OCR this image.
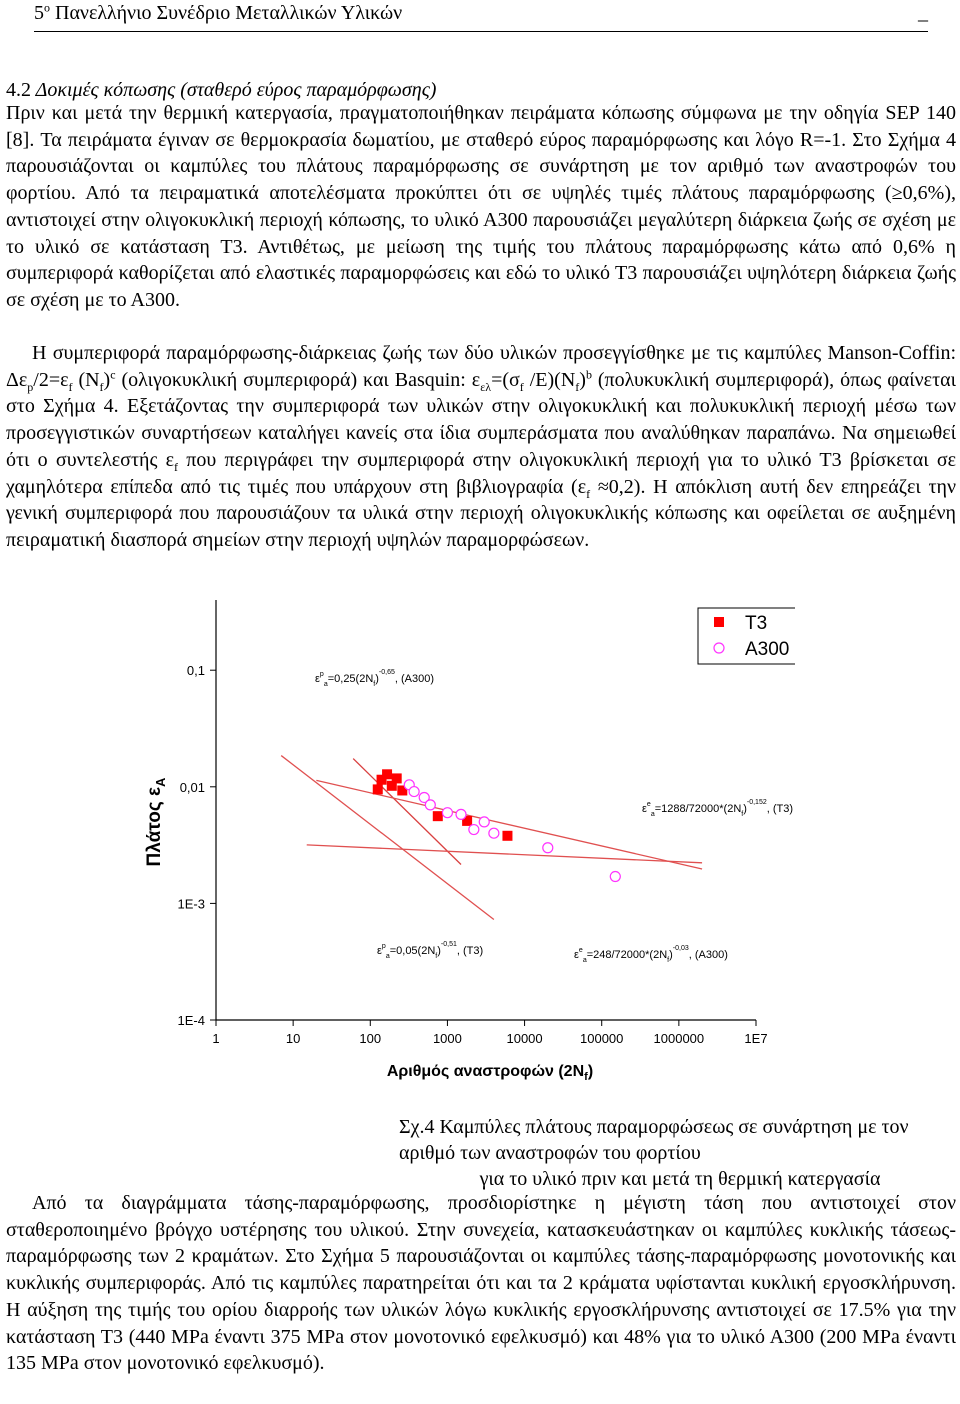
$5^o$ Πανελλήνιο Συνέδριο Μεταλλικών Υλικών	_
4.2 Δοκιμές κόπωσης (σταθερό εύρος παραμόρφωσης)

Πριν και μετά την θερμική κατεργασία, πραγματοποιήθηκαν πειράματα κόπωσης σύμφωνα με την οδηγία SEP 140 [8]. Τα πειράματα έγιναν σε θερμοκρασία δωματίου, με σταθερό εύρος παραμόρφωσης και λόγο R=-1. Στο Σχήμα 4 παρουσιάζονται οι καμπύλες του πλάτους παραμόρφωσης σε συνάρτηση με τον αριθμό των αναστροφών του φορτίου. Από τα πειραματικά αποτελέσματα προκύπτει ότι σε υψηλές τιμές πλάτους παραμόρφωσης (≥0,6%), αντιστοιχεί στην ολιγοκυκλική περιοχή κόπωσης, το υλικό Α300 παρουσιάζει μεγαλύτερη διάρκεια ζωής σε σχέση με το υλικό σε κατάσταση Τ3. Αντιθέτως, με μείωση της τιμής του πλάτους παραμόρφωσης κάτω από 0,6% η συμπεριφορά καθορίζεται από ελαστικές παραμορφώσεις και εδώ το υλικό Τ3 παρουσιάζει υψηλότερη διάρκεια ζωής σε σχέση με το Α300.

Η συμπεριφορά παραμόρφωσης-διάρκειας ζωής των δύο υλικών προσεγγίσθηκε με τις καμπύλες Manson-Coffin: $\Delta\varepsilon_p/2=\varepsilon_f$ $(N_f)^c$ (ολιγοκυκλική συμπεριφορά) και Basquin: $\varepsilon_{\varepsilon\lambda}=(\sigma_f$ $/E)(N_f)^b$ (πολυκυκλική συμπεριφορά), όπως φαίνεται στο Σχήμα 4. Εξετάζοντας την συμπεριφορά των υλικών στην ολιγοκυκλική και πολυκυκλική περιοχή μέσω των προσεγγιστικών συναρτήσεων καταλήγει κανείς στα ίδια συμπεράσματα που αναλύθηκαν παραπάνω. Να σημειωθεί ότι ο συντελεστής $\varepsilon_f$ που περιγράφει την συμπεριφορά στην ολιγοκυκλική περιοχή για το υλικό Τ3 βρίσκεται σε χαμηλότερα επίπεδα από τις τιμές που υπάρχουν στη βιβλιογραφία $(\varepsilon_f \approx 0,2)$. Η απόκλιση αυτή δεν επηρεάζει την γενική συμπεριφορά που παρουσιάζουν τα υλικά στην περιοχή ολιγοκυκλικής κόπωσης και οφείλεται σε αυξημένη πειραματική διασπορά σημείων στην περιοχή υψηλών παραμορφώσεων.

1	10	100	1000	10000	100000 1000000	1E7
0,1
0,01
1E-3
1E-4
$\varepsilon^p_a=0,25(2N_f)^{-0,65}$, (A300)
$\varepsilon^e_a=1288/72000*(2N_f)^{-0,152}$, (T3)
$\varepsilon^p_a=0,05(2N_f)^{-0,51}$, (T3)	$\varepsilon^e_a=248/72000*(2N_f)^{-0,03}$, (A300)
T3
A300
Αριθμός αναστροφών $(2N_f)$
Πλάτος $\varepsilon_A$
Σχ.4 Καμπύλες πλάτους παραμορφώσεως σε συνάρτηση με τον αριθμό των αναστροφών του φορτίου
για το υλικό πριν και μετά τη θερμική κατεργασία

Από τα διαγράμματα τάσης-παραμόρφωσης, προσδιορίστηκε η μέγιστη τάση που αντιστοιχεί στον σταθεροποιημένο βρόγχο υστέρησης του υλικού. Στην συνεχεία, κατασκευάστηκαν οι καμπύλες κυκλικής τάσεως-παραμόρφωσης των 2 κραμάτων. Στο Σχήμα 5 παρουσιάζονται οι καμπύλες τάσης-παραμόρφωσης μονοτονικής και κυκλικής συμπεριφοράς. Από τις καμπύλες παρατηρείται ότι και τα 2 κράματα υφίστανται κυκλική εργοσκλήρυνση. Η αύξηση της τιμής του ορίου διαρροής των υλικών λόγω κυκλικής εργοσκλήρυνσης αντιστοιχεί σε 17.5% για την κατάσταση Τ3 (440 MPa έναντι 375 MPa στον μονοτονικό εφελκυσμό) και 48% για το υλικό Α300 (200 MPa έναντι 135 MPa στον μονοτονικό εφελκυσμό).
